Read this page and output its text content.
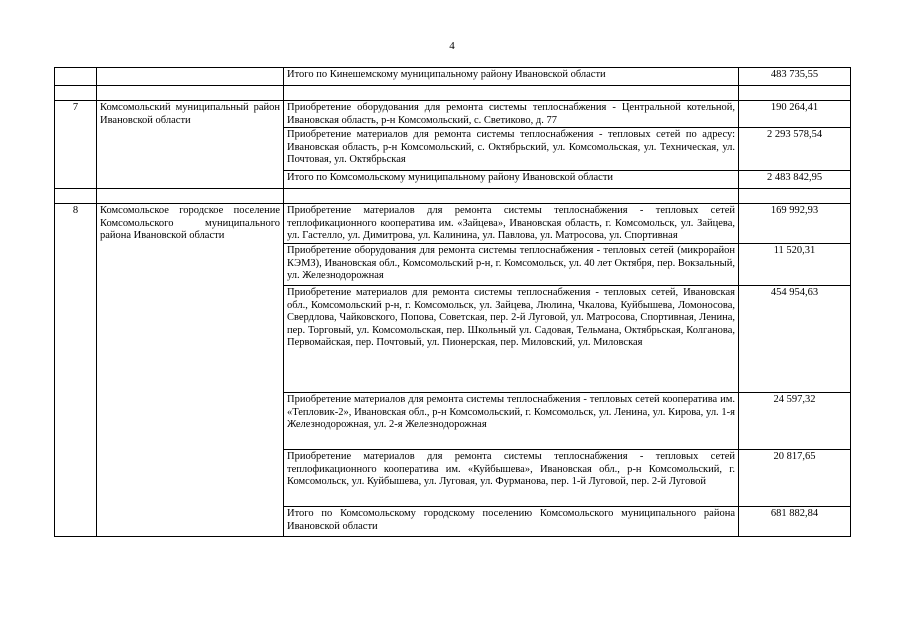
4
		Итого по Кинешемскому муниципальному району Ивановской области	483 735,55

7	Комсомольский муниципальный район Ивановской области	Приобретение оборудования для ремонта системы теплоснабжения - Центральной котельной, Ивановская область, р-н Комсомольский, с. Светиково, д. 77	190 264,41
		Приобретение материалов для ремонта системы теплоснабжения - тепловых сетей по адресу: Ивановская область, р-н Комсомольский, с. Октябрьский, ул. Комсомольская, ул. Техническая, ул. Почтовая, ул. Октябрьская	2 293 578,54
		Итого по Комсомольскому муниципальному району Ивановской области	2 483 842,95

8	Комсомольское городское поселение Комсомольского муниципального района Ивановской области	Приобретение материалов для ремонта системы теплоснабжения - тепловых сетей теплофикационного кооператива им. «Зайцева», Ивановская область, г. Комсомольск, ул. Зайцева, ул. Гастелло, ул. Димитрова, ул. Калинина, ул. Павлова, ул. Матросова, ул. Спортивная	169 992,93
		Приобретение оборудования для ремонта системы теплоснабжения - тепловых сетей (микрорайон КЭМЗ), Ивановская обл., Комсомольский р-н, г. Комсомольск, ул. 40 лет Октября, пер. Вокзальный, ул. Железнодорожная	11 520,31
		Приобретение материалов для ремонта системы теплоснабжения - тепловых сетей, Ивановская обл., Комсомольский р-н, г. Комсомольск, ул. Зайцева, Люлина, Чкалова, Куйбышева, Ломоносова, Свердлова, Чайковского, Попова, Советская, пер. 2-й Луговой, ул. Матросова, Спортивная, Ленина, пер. Торговый, ул. Комсомольская, пер. Школьный ул. Садовая, Тельмана, Октябрьская, Колганова, Первомайская, пер. Почтовый, ул. Пионерская, пер. Миловский, ул. Миловская	454 954,63
		Приобретение материалов для ремонта системы теплоснабжения - тепловых сетей кооператива им. «Тепловик-2», Ивановская обл., р-н Комсомольский, г. Комсомольск, ул. Ленина, ул. Кирова, ул. 1-я Железнодорожная, ул. 2-я Железнодорожная	24 597,32
		Приобретение материалов для ремонта системы теплоснабжения - тепловых сетей теплофикационного кооператива им. «Куйбышева», Ивановская обл., р-н Комсомольский, г. Комсомольск, ул. Куйбышева, ул. Луговая, ул. Фурманова, пер. 1-й Луговой, пер. 2-й Луговой	20 817,65
		Итого по Комсомольскому городскому поселению Комсомольского муниципального района Ивановской области	681 882,84
